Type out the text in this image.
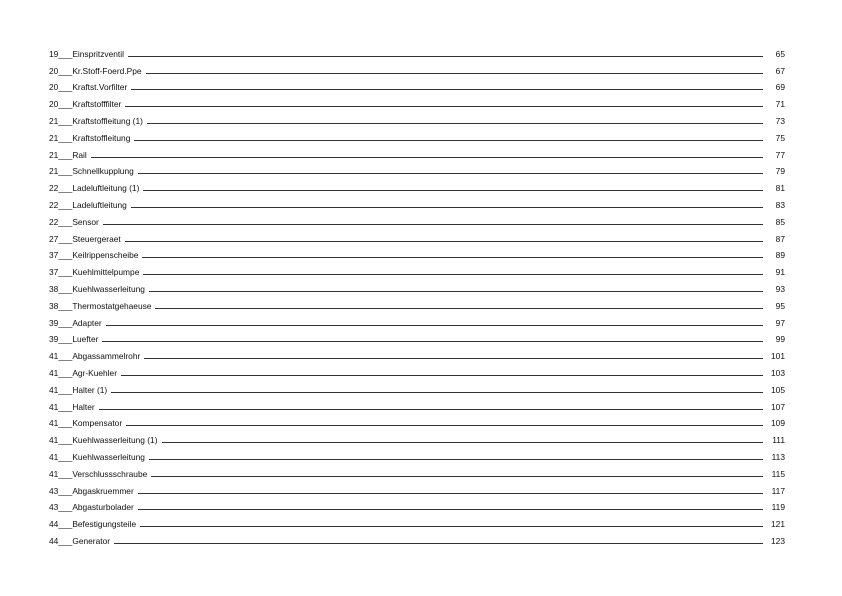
19 ___ Einspritzventil	65
20 ___ Kr.Stoff-Foerd.Ppe	67
20 ___ Kraftst.Vorfilter	69
20 ___ Kraftstofffilter	71
21 ___ Kraftstoffleitung (1)	73
21 ___ Kraftstoffleitung	75
21 ___ Rail	77
21 ___ Schnellkupplung	79
22 ___ Ladeluftleitung (1)	81
22 ___ Ladeluftleitung	83
22 ___ Sensor	85
27 ___ Steuergeraet	87
37 ___ Keilrippenscheibe	89
37 ___ Kuehlmittelpumpe	91
38 ___ Kuehlwasserleitung	93
38 ___ Thermostatgehaeuse	95
39 ___ Adapter	97
39 ___ Luefter	99
41 ___ Abgassammelrohr	101
41 ___ Agr-Kuehler	103
41 ___ Halter (1)	105
41 ___ Halter	107
41 ___ Kompensator	109
41 ___ Kuehlwasserleitung (1)	111
41 ___ Kuehlwasserleitung	113
41 ___ Verschlussschraube	115
43 ___ Abgaskruemmer	117
43 ___ Abgasturbolader	119
44 ___ Befestigungsteile	121
44 ___ Generator	123
